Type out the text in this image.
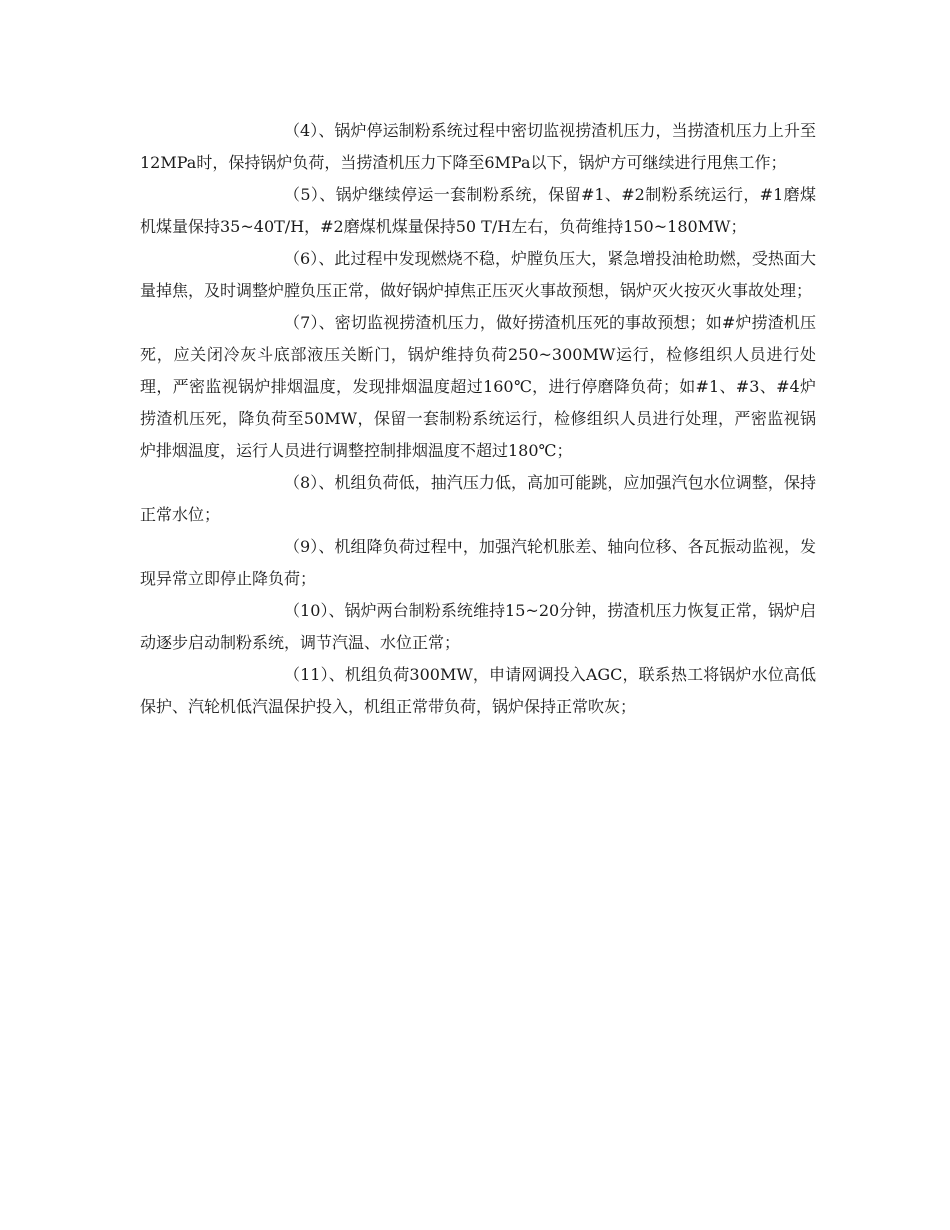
（4）、锅炉停运制粉系统过程中密切监视捞渣机压力，当捞渣机压力上升至12MPa时，保持锅炉负荷，当捞渣机压力下降至6MPa以下，锅炉方可继续进行甩焦工作；

（5）、锅炉继续停运一套制粉系统，保留#1、#2制粉系统运行，#1磨煤机煤量保持35~40T/H，#2磨煤机煤量保持50 T/H左右，负荷维持150~180MW；

（6）、此过程中发现燃烧不稳，炉膛负压大，紧急增投油枪助燃，受热面大量掉焦，及时调整炉膛负压正常，做好锅炉掉焦正压灭火事故预想，锅炉灭火按灭火事故处理；

（7）、密切监视捞渣机压力，做好捞渣机压死的事故预想；如#炉捞渣机压死，应关闭冷灰斗底部液压关断门，锅炉维持负荷250~300MW运行，检修组织人员进行处理，严密监视锅炉排烟温度，发现排烟温度超过160℃，进行停磨降负荷；如#1、#3、#4炉捞渣机压死，降负荷至50MW，保留一套制粉系统运行，检修组织人员进行处理，严密监视锅炉排烟温度，运行人员进行调整控制排烟温度不超过180℃；

（8）、机组负荷低，抽汽压力低，高加可能跳，应加强汽包水位调整，保持正常水位；

（9）、机组降负荷过程中，加强汽轮机胀差、轴向位移、各瓦振动监视，发现异常立即停止降负荷；

（10）、锅炉两台制粉系统维持15~20分钟，捞渣机压力恢复正常，锅炉启动逐步启动制粉系统，调节汽温、水位正常；

（11）、机组负荷300MW，申请网调投入AGC，联系热工将锅炉水位高低保护、汽轮机低汽温保护投入，机组正常带负荷，锅炉保持正常吹灰；
